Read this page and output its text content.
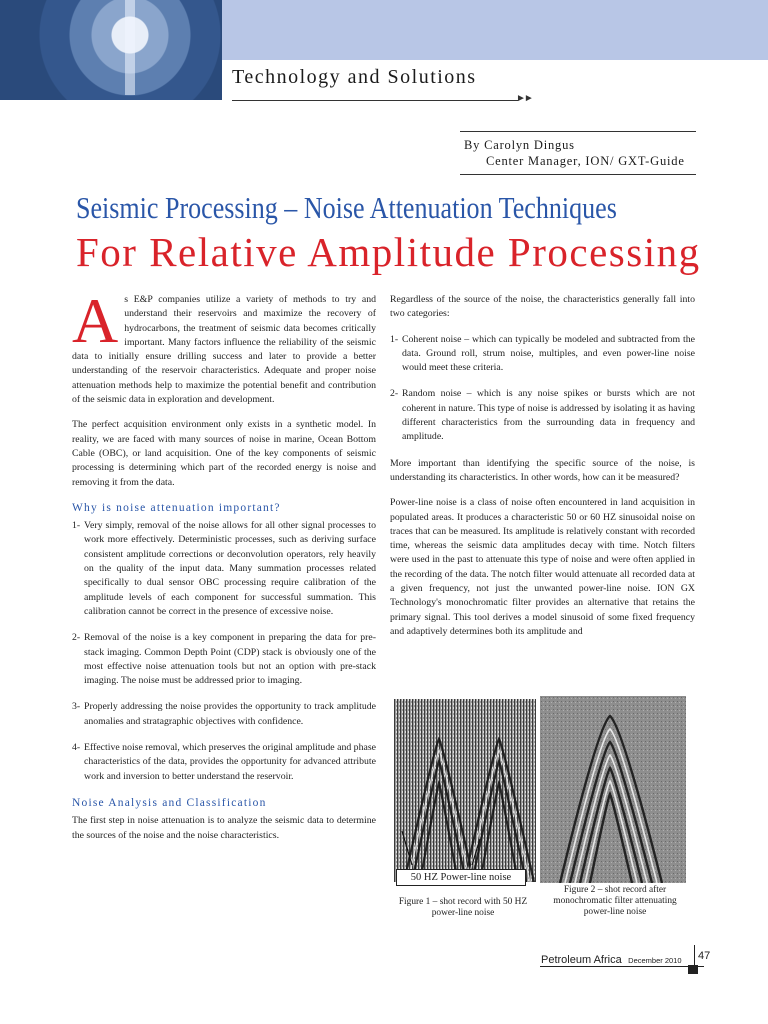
Technology and Solutions
►►
By Carolyn Dingus
Center Manager, ION/ GXT-Guide
Seismic Processing – Noise Attenuation Techniques
For Relative Amplitude Processing

As E&P companies utilize a variety of methods to try and understand their reservoirs and maximize the recovery of hydrocarbons, the treatment of seismic data becomes critically important. Many factors influence the reliability of the seismic data to initially ensure drilling success and later to provide a better understanding of the reservoir characteristics. Adequate and proper noise attenuation methods help to maximize the potential benefit and contribution of the seismic data in exploration and development.

The perfect acquisition environment only exists in a synthetic model. In reality, we are faced with many sources of noise in marine, Ocean Bottom Cable (OBC), or land acquisition. One of the key components of seismic processing is determining which part of the recorded energy is noise and removing it from the data.

Why is noise attenuation important?
1- Very simply, removal of the noise allows for all other signal processes to work more effectively. Deterministic processes, such as deriving surface consistent amplitude corrections or deconvolution operators, rely heavily on the quality of the input data. Many summation processes related specifically to dual sensor OBC processing require calibration of the amplitude levels of each component for successful summation. This calibration cannot be correct in the presence of excessive noise.
2- Removal of the noise is a key component in preparing the data for pre-stack imaging. Common Depth Point (CDP) stack is obviously one of the most effective noise attenuation tools but not an option with pre-stack imaging. The noise must be addressed prior to imaging.
3- Properly addressing the noise provides the opportunity to track amplitude anomalies and stratagraphic objectives with confidence.
4- Effective noise removal, which preserves the original amplitude and phase characteristics of the data, provides the opportunity for advanced attribute work and inversion to better understand the reservoir.
Noise Analysis and Classification

The first step in noise attenuation is to analyze the seismic data to determine the sources of the noise and the noise characteristics.

Regardless of the source of the noise, the characteristics generally fall into two categories:

1- Coherent noise – which can typically be modeled and subtracted from the data. Ground roll, strum noise, multiples, and even power-line noise would meet these criteria.
2- Random noise – which is any noise spikes or bursts which are not coherent in nature. This type of noise is addressed by isolating it as having different characteristics from the surrounding data in frequency and amplitude.

More important than identifying the specific source of the noise, is understanding its characteristics. In other words, how can it be measured?

Power-line noise is a class of noise often encountered in land acquisition in populated areas. It produces a characteristic 50 or 60 HZ sinusoidal noise on traces that can be measured. Its amplitude is relatively constant with recorded time, whereas the seismic data amplitudes decay with time. Notch filters were used in the past to attenuate this type of noise and were often applied in the recording of the data. The notch filter would attenuate all recorded data at a given frequency, not just the unwanted power-line noise. ION GX Technology's monochromatic filter provides an alternative that retains the primary signal. This tool derives a model sinusoid of some fixed frequency and adaptively determines both its amplitude and

50 HZ Power-line noise
Figure 1 – shot record with 50 HZ power-line noise
Figure 2 – shot record after monochromatic filter attenuating power-line noise
Petroleum Africa December 2010 47
